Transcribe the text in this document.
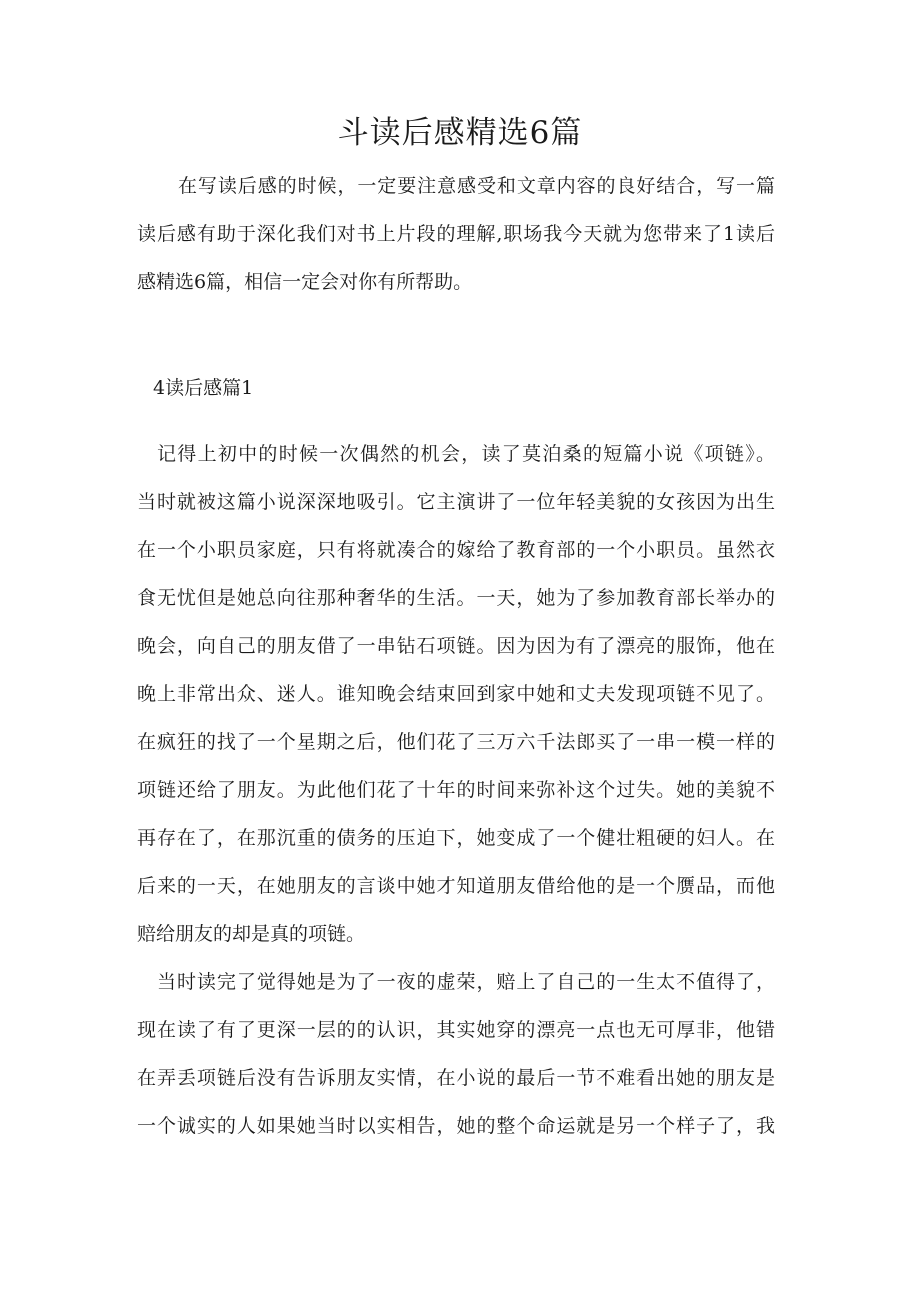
斗读后感精选6篇
在写读后感的时候，一定要注意感受和文章内容的良好结合，写一篇
读后感有助于深化我们对书上片段的理解,职场我今天就为您带来了1读后
感精选6篇，相信一定会对你有所帮助。
4读后感篇1
记得上初中的时候一次偶然的机会，读了莫泊桑的短篇小说《项链》。
当时就被这篇小说深深地吸引。它主演讲了一位年轻美貌的女孩因为出生
在一个小职员家庭，只有将就凑合的嫁给了教育部的一个小职员。虽然衣
食无忧但是她总向往那种奢华的生活。一天，她为了参加教育部长举办的
晚会，向自己的朋友借了一串钻石项链。因为因为有了漂亮的服饰，他在
晚上非常出众、迷人。谁知晚会结束回到家中她和丈夫发现项链不见了。
在疯狂的找了一个星期之后，他们花了三万六千法郎买了一串一模一样的
项链还给了朋友。为此他们花了十年的时间来弥补这个过失。她的美貌不
再存在了，在那沉重的债务的压迫下，她变成了一个健壮粗硬的妇人。在
后来的一天，在她朋友的言谈中她才知道朋友借给他的是一个赝品，而他
赔给朋友的却是真的项链。
当时读完了觉得她是为了一夜的虚荣，赔上了自己的一生太不值得了，
现在读了有了更深一层的的认识，其实她穿的漂亮一点也无可厚非，他错
在弄丢项链后没有告诉朋友实情，在小说的最后一节不难看出她的朋友是
一个诚实的人如果她当时以实相告，她的整个命运就是另一个样子了，我
